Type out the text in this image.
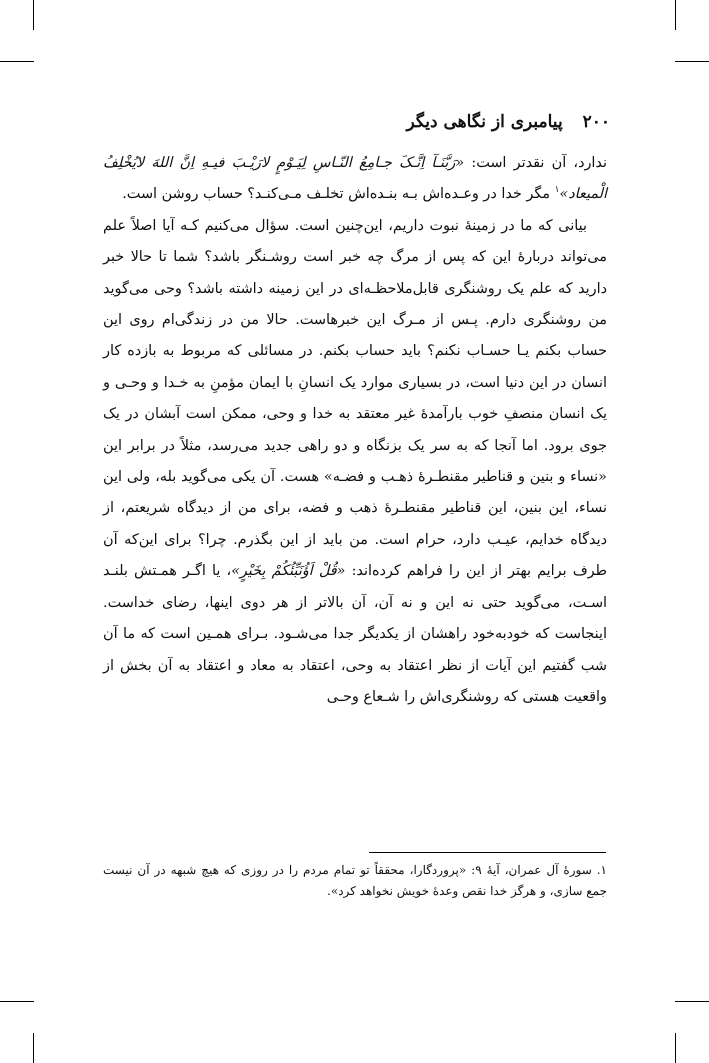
۲۰۰ پیامبری از نگاهی دیگر

ندارد، آن نقدتر است: «رَبَّنَـآ اِنَّـکَ جـامِعُ النّـاسِ لِیَـوْمٍ لارَیْـبَ فیـهِ اِنَّ اللهَ لایُخْلِفُ الْمیعاد»$^۱$ مگر خدا در وعـده‌اش بـه بنـده‌اش تخلـف مـی‌کنـد؟ حساب روشن است.

بیانی که ما در زمینهٔ نبوت داریم، این‌چنین است. سؤال می‌کنیم کـه آیا اصلاً علم می‌تواند دربارهٔ این که پس از مرگ چه خبر است روشـنگر باشد؟ شما تا حالا خبر دارید که علم یک روشنگری قابل‌ملاحظـه‌ای در این زمینه داشته باشد؟ وحی می‌گوید من روشنگری دارم. پـس از مـرگ این خبرهاست. حالا من در زندگی‌ام روی این حساب بکنم یـا حسـاب نکنم؟ باید حساب بکنم. در مسائلی که مربوط به بازده کار انسان در این دنیا است، در بسیاری موارد یک انسانِ با ایمان مؤمنِ به خـدا و وحـی و یک انسان منصفِ خوب بارآمدهٔ غیر معتقد به خدا و وحی، ممکن است آبشان در یک جوی برود. اما آنجا که به سر یک بزنگاه و دو راهی جدید می‌رسد، مثلاً در برابر این «نساء و بنین و قناطیر مقنطـرهٔ ذهـب و فضـه» هست. آن یکی می‌گوید بله، ولی این نساء، این بنین، این قناطیر مقنطـرهٔ ذهب و فضه، برای من از دیدگاه شریعتم، از دیدگاه خدایم، عیـب دارد، حرام است. من باید از این بگذرم. چرا؟ برای این‌که آن طرف برایم بهتر از این را فراهم کرده‌اند: «قُلْ اَؤُنَبِّئُکُمْ بِخَیْرٍ»، یا اگـر همـتش بلنـد اسـت، می‌گوید حتی نه این و نه آن، آن بالاتر از هر دوی اینها، رضای خداست. اینجاست که خودبه‌خود راهشان از یکدیگر جدا می‌شـود. بـرای همـین است که ما آن شب گفتیم این آیات از نظر اعتقاد به وحی، اعتقاد به معاد و اعتقاد به آن بخش از واقعیت هستی که روشنگری‌اش را شـعاع وحـی

۱. سورهٔ آل عمران، آیهٔ ۹: «پروردگارا، محققاً تو تمام مردم را در روزی که هیچ شبهه در آن نیست جمع سازی، و هرگز خدا نقص وعدهٔ خویش نخواهد کرد».
